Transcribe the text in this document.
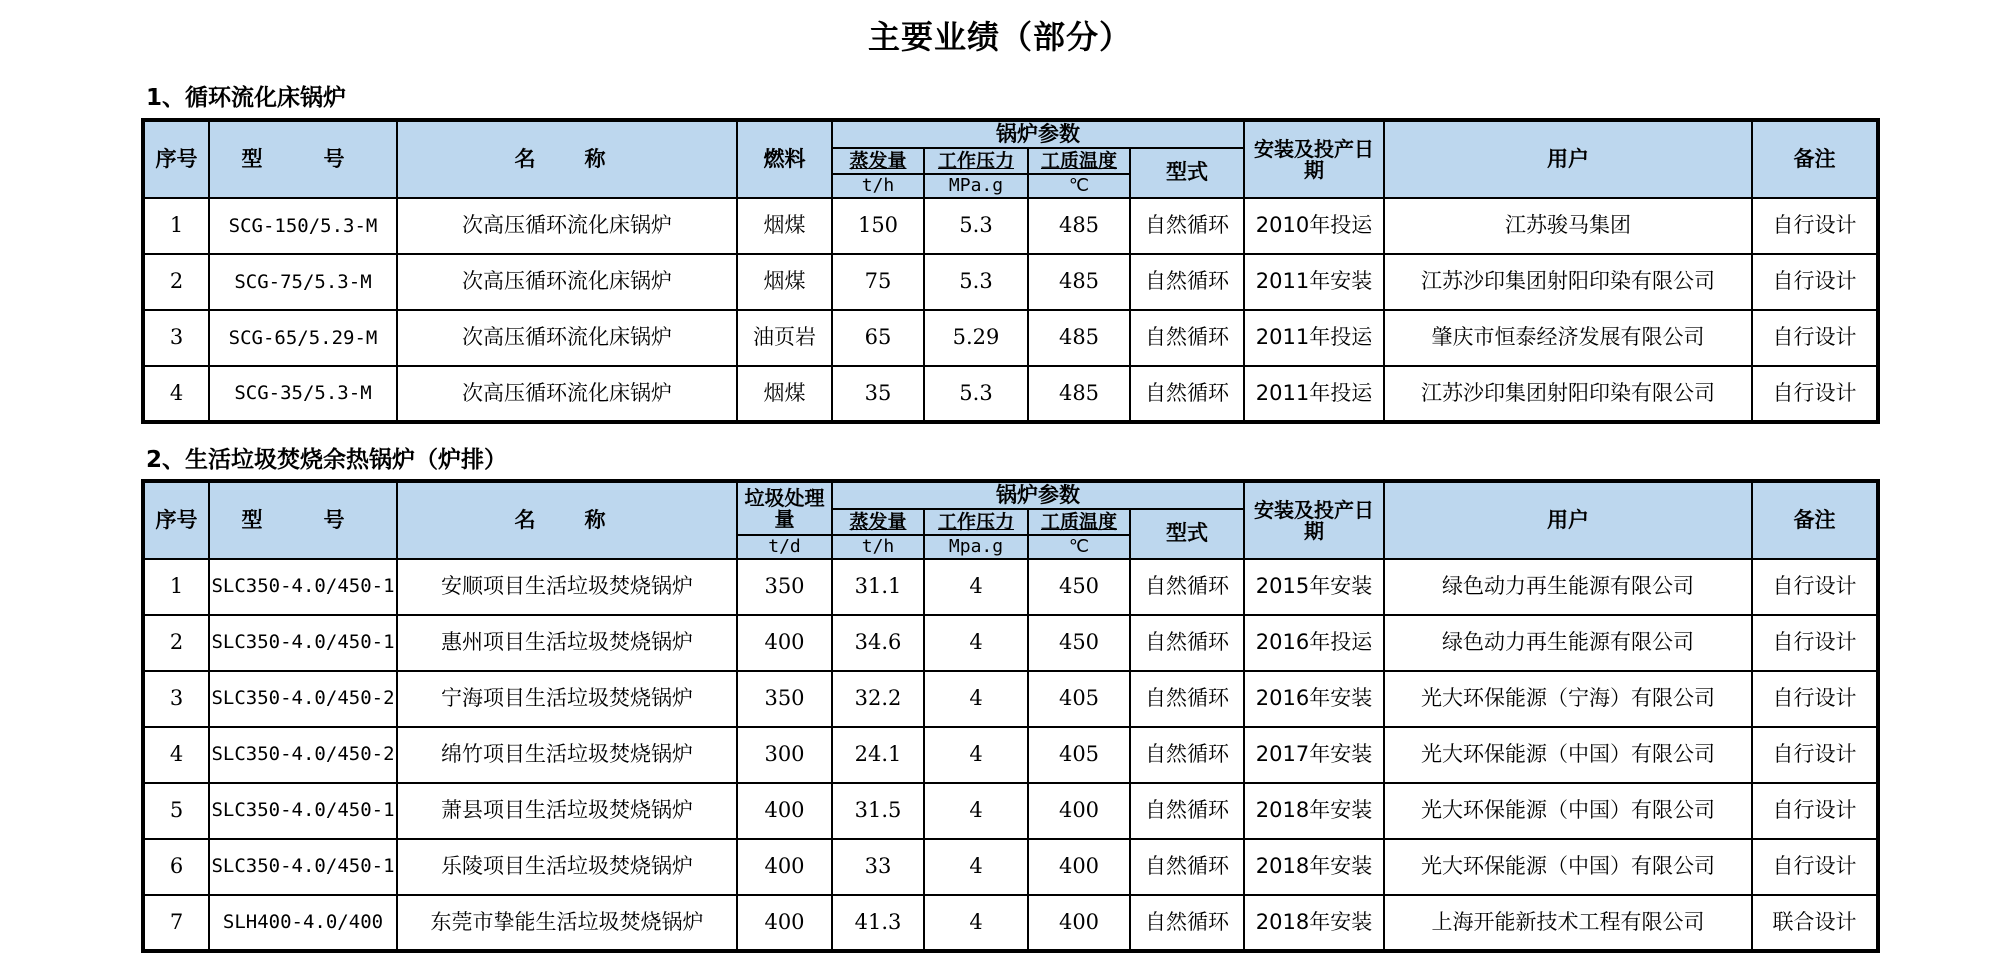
主要业绩（部分）
1、循环流化床锅炉
序号	型　号	名　称	燃料	锅炉参数				安装及投产日期	用户	备注
				蒸发量	工作压力	工质温度	型式			
				t/h	MPa.g	℃				
1	SCG-150/5.3-M	次高压循环流化床锅炉	烟煤	150	5.3	485	自然循环	2010年投运	江苏骏马集团	自行设计
2	SCG-75/5.3-M	次高压循环流化床锅炉	烟煤	75	5.3	485	自然循环	2011年安装	江苏沙印集团射阳印染有限公司	自行设计
3	SCG-65/5.29-M	次高压循环流化床锅炉	油页岩	65	5.29	485	自然循环	2011年投运	肇庆市恒泰经济发展有限公司	自行设计
4	SCG-35/5.3-M	次高压循环流化床锅炉	烟煤	35	5.3	485	自然循环	2011年投运	江苏沙印集团射阳印染有限公司	自行设计
2、生活垃圾焚烧余热锅炉（炉排）
序号	型　号	名　称	垃圾处理量	锅炉参数				安装及投产日期	用户	备注
				蒸发量	工作压力	工质温度	型式			
			t/d	t/h	Mpa.g	℃				
1	SLC350-4.0/450-1	安顺项目生活垃圾焚烧锅炉	350	31.1	4	450	自然循环	2015年安装	绿色动力再生能源有限公司	自行设计
2	SLC350-4.0/450-1	惠州项目生活垃圾焚烧锅炉	400	34.6	4	450	自然循环	2016年投运	绿色动力再生能源有限公司	自行设计
3	SLC350-4.0/450-2	宁海项目生活垃圾焚烧锅炉	350	32.2	4	405	自然循环	2016年安装	光大环保能源（宁海）有限公司	自行设计
4	SLC350-4.0/450-2	绵竹项目生活垃圾焚烧锅炉	300	24.1	4	405	自然循环	2017年安装	光大环保能源（中国）有限公司	自行设计
5	SLC350-4.0/450-1	萧县项目生活垃圾焚烧锅炉	400	31.5	4	400	自然循环	2018年安装	光大环保能源（中国）有限公司	自行设计
6	SLC350-4.0/450-1	乐陵项目生活垃圾焚烧锅炉	400	33	4	400	自然循环	2018年安装	光大环保能源（中国）有限公司	自行设计
7	SLH400-4.0/400	东莞市挚能生活垃圾焚烧锅炉	400	41.3	4	400	自然循环	2018年安装	上海开能新技术工程有限公司	联合设计
